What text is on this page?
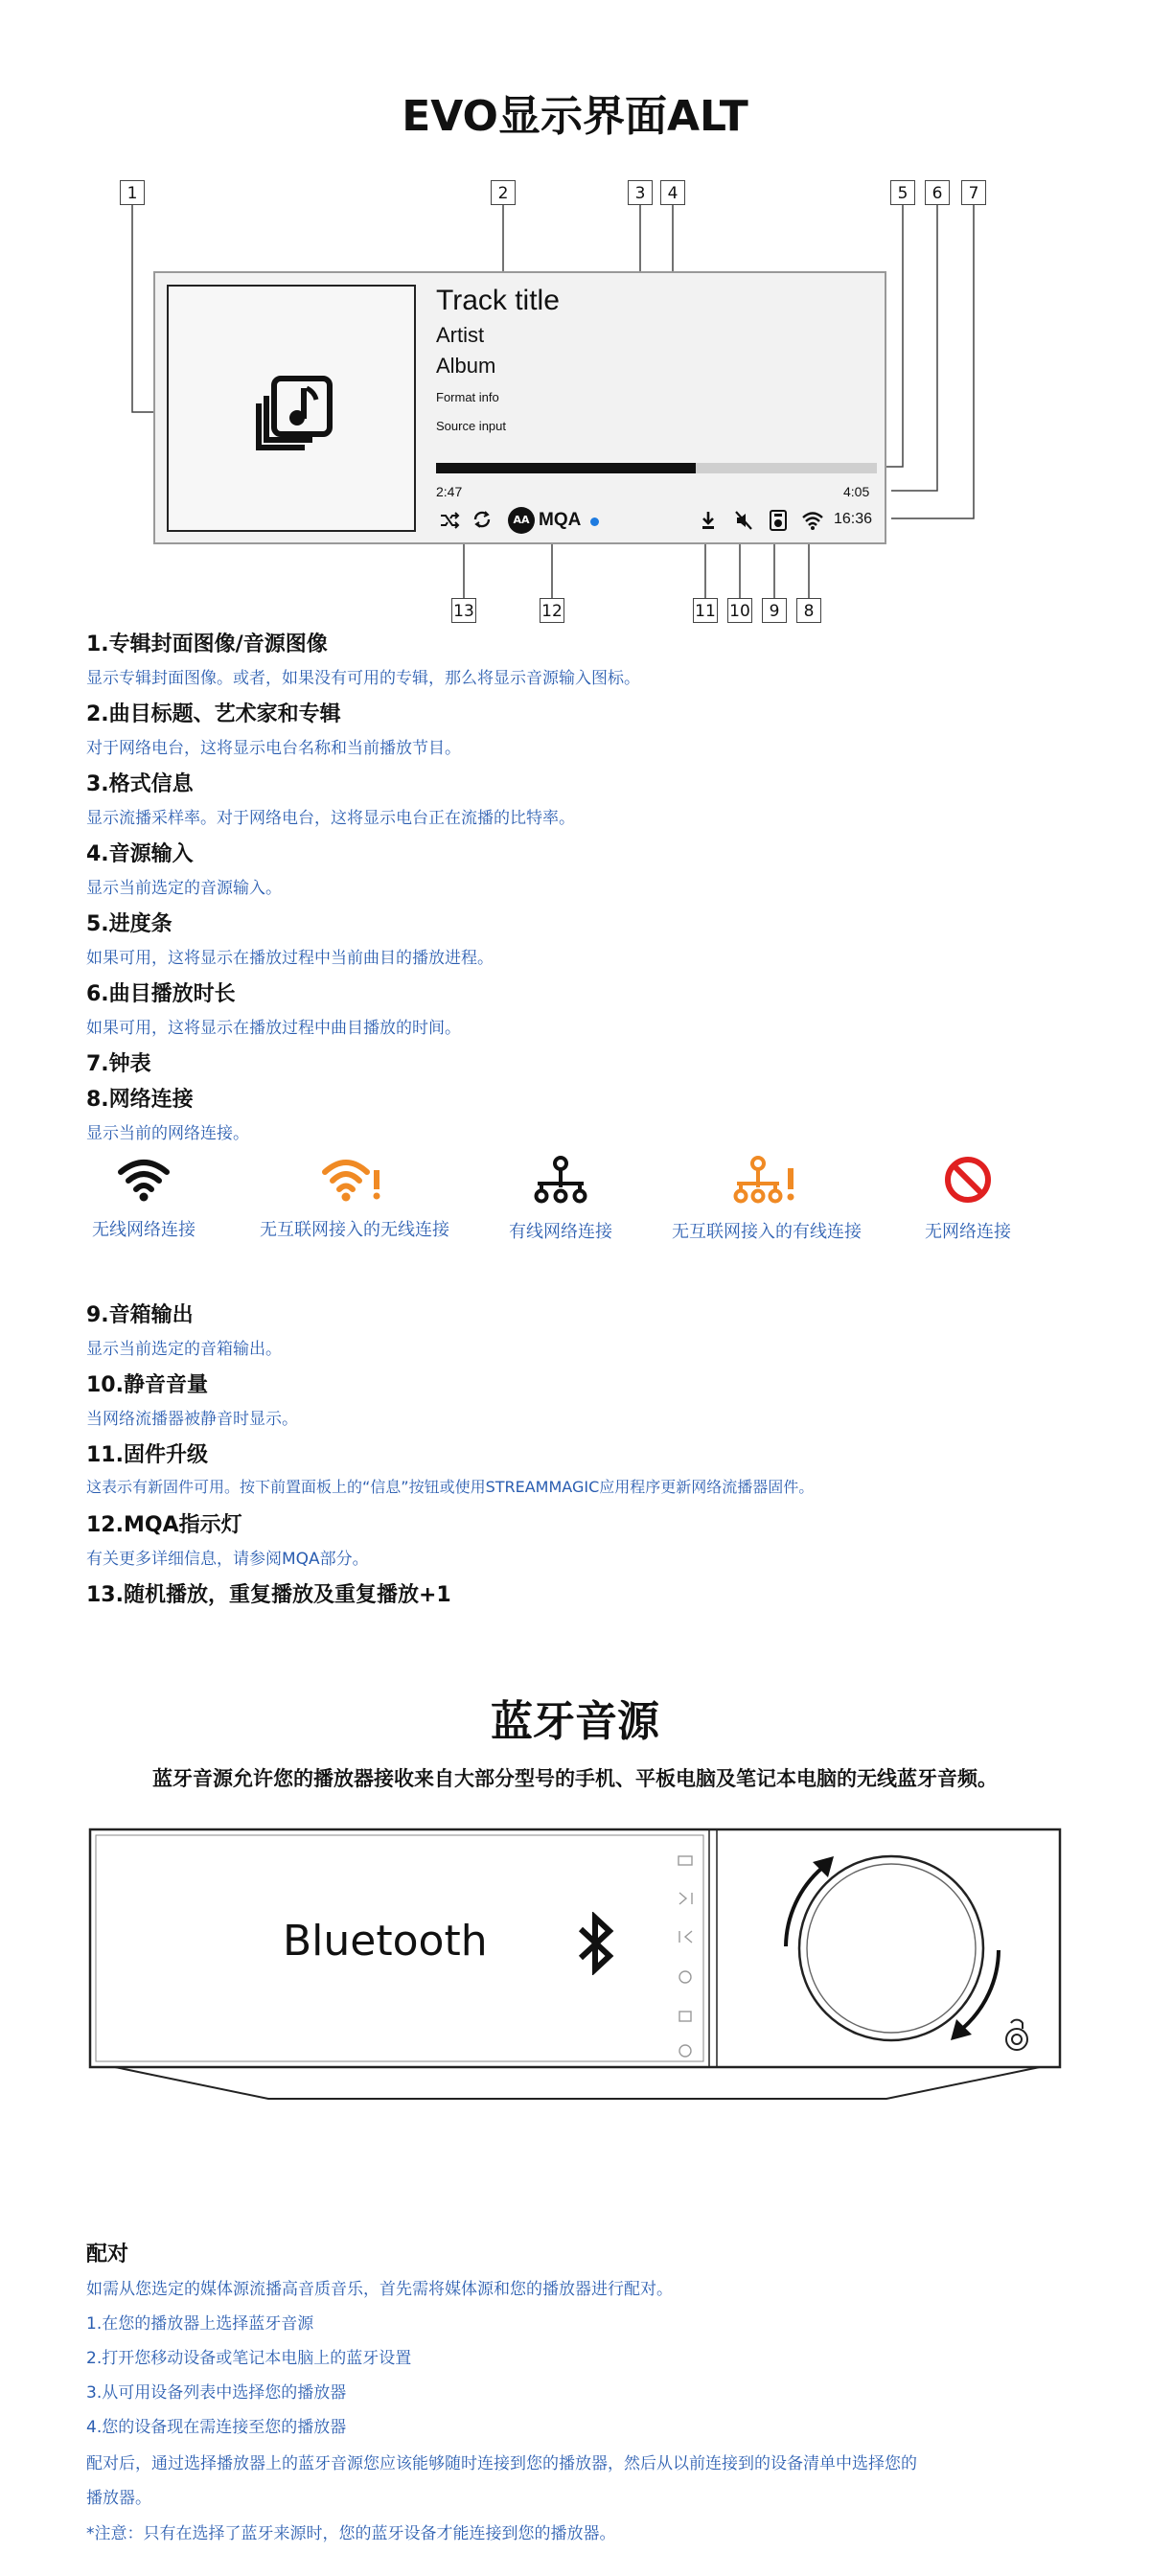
EVO显示界面ALT
1	2	3	4	5	6	7
13	12	11 10	9	8
Track title
Artist
Album
Format info
Source input
2:47	4:05
AA MQA	16:36
1.专辑封面图像/音源图像
显示专辑封面图像。或者，如果没有可用的专辑，那么将显示音源输入图标。
2.曲目标题、艺术家和专辑
对于网络电台，这将显示电台名称和当前播放节目。
3.格式信息
显示流播采样率。对于网络电台，这将显示电台正在流播的比特率。
4.音源输入
显示当前选定的音源输入。
5.进度条
如果可用，这将显示在播放过程中当前曲目的播放进程。
6.曲目播放时长
如果可用，这将显示在播放过程中曲目播放的时间。
7.钟表
8.网络连接
显示当前的网络连接。
无线网络连接	无互联网接入的无线连接	有线网络连接	无互联网接入的有线连接	无网络连接
9.音箱输出
显示当前选定的音箱输出。
10.静音音量
当网络流播器被静音时显示。
11.固件升级
这表示有新固件可用。按下前置面板上的“信息”按钮或使用STREAMMAGIC应用程序更新网络流播器固件。
12.MQA指示灯
有关更多详细信息，请参阅MQA部分。
13.随机播放，重复播放及重复播放+1
蓝牙音源
蓝牙音源允许您的播放器接收来自大部分型号的手机、平板电脑及笔记本电脑的无线蓝牙音频。
Bluetooth
配对
如需从您选定的媒体源流播高音质音乐，首先需将媒体源和您的播放器进行配对。
1.在您的播放器上选择蓝牙音源
2.打开您移动设备或笔记本电脑上的蓝牙设置
3.从可用设备列表中选择您的播放器
4.您的设备现在需连接至您的播放器
配对后，通过选择播放器上的蓝牙音源您应该能够随时连接到您的播放器，然后从以前连接到的设备清单中选择您的
播放器。
*注意：只有在选择了蓝牙来源时，您的蓝牙设备才能连接到您的播放器。
